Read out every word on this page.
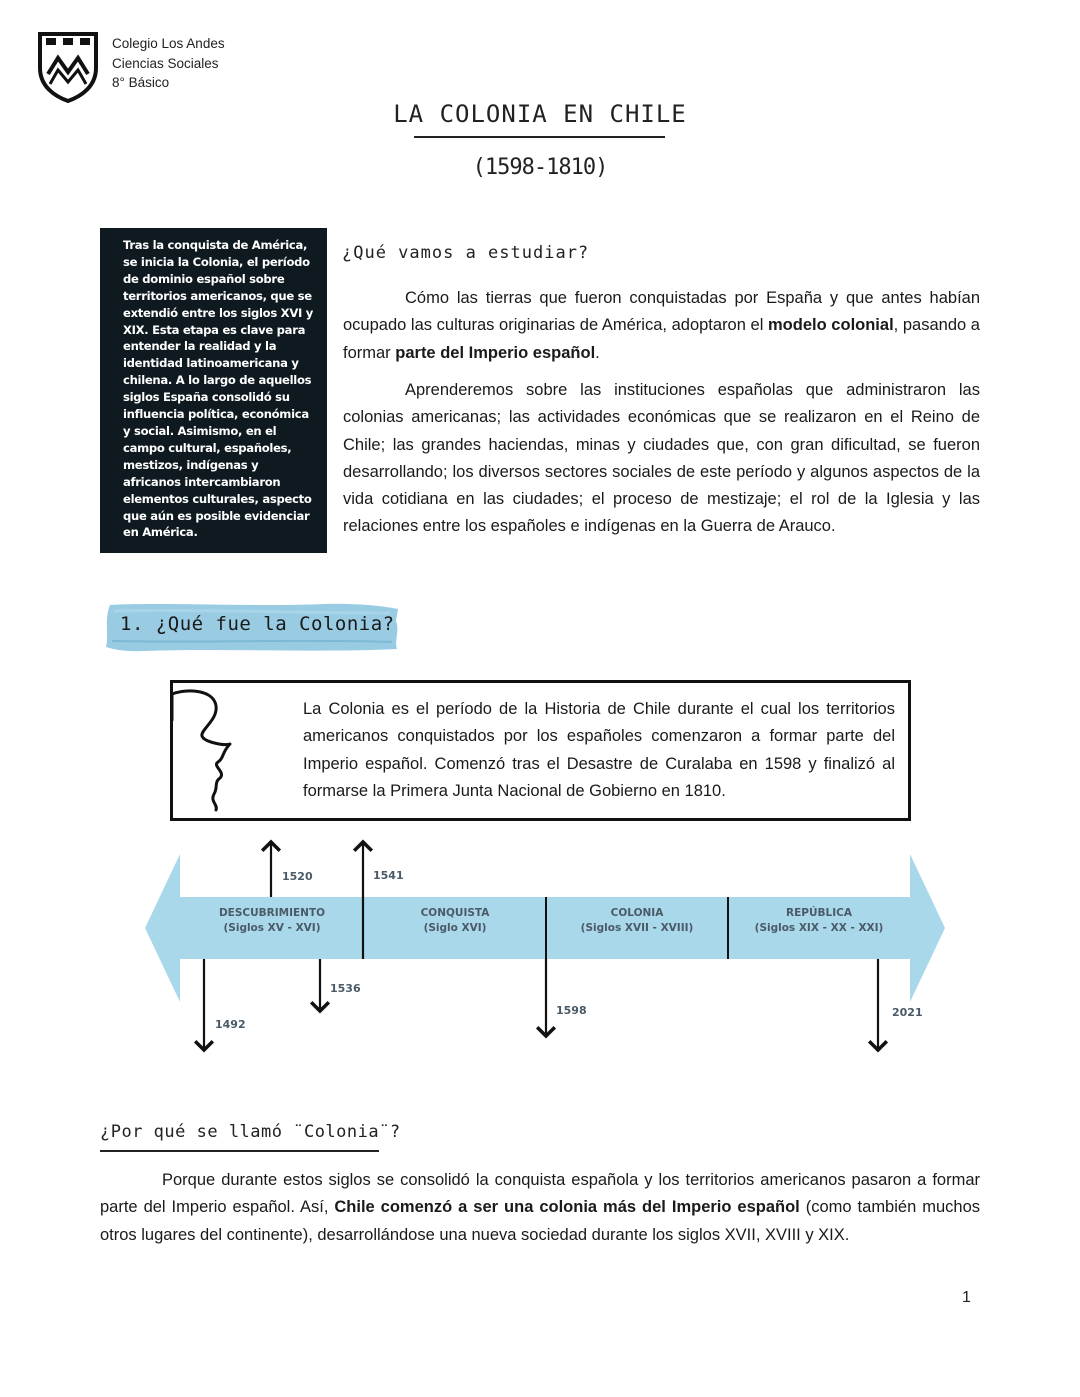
Colegio Los Andes
Ciencias Sociales
8° Básico
LA COLONIA EN CHILE
(1598-1810)
Tras la conquista de América, se inicia la Colonia, el período de dominio español sobre territorios americanos, que se extendió entre los siglos XVI y XIX. Esta etapa es clave para entender la realidad y la identidad latinoamericana y chilena. A lo largo de aquellos siglos España consolidó su influencia política, económica y social. Asimismo, en el campo cultural, españoles, mestizos, indígenas y africanos intercambiaron elementos culturales, aspecto que aún es posible evidenciar en América.
¿Qué vamos a estudiar?

Cómo las tierras que fueron conquistadas por España y que antes habían ocupado las culturas originarias de América, adoptaron el modelo colonial, pasando a formar parte del Imperio español.

Aprenderemos sobre las instituciones españolas que administraron las colonias americanas; las actividades económicas que se realizaron en el Reino de Chile; las grandes haciendas, minas y ciudades que, con gran dificultad, se fueron desarrollando; los diversos sectores sociales de este período y algunos aspectos de la vida cotidiana en las ciudades; el proceso de mestizaje; el rol de la Iglesia y las relaciones entre los españoles e indígenas en la Guerra de Arauco.

1. ¿Qué fue la Colonia?

La Colonia es el período de la Historia de Chile durante el cual los territorios americanos conquistados por los españoles comenzaron a formar parte del Imperio español. Comenzó tras el Desastre de Curalaba en 1598 y finalizó al formarse la Primera Junta Nacional de Gobierno en 1810.

DESCUBRIMIENTO
(Siglos XV - XVI)
CONQUISTA
(Siglo XVI)
COLONIA
(Siglos XVII - XVIII)
REPÚBLICA
(Siglos XIX - XX - XXI)
1520	1541
1492
1536
1598	2021
¿Por qué se llamó ¨Colonia¨?

Porque durante estos siglos se consolidó la conquista española y los territorios americanos pasaron a formar parte del Imperio español. Así, Chile comenzó a ser una colonia más del Imperio español (como también muchos otros lugares del continente), desarrollándose una nueva sociedad durante los siglos XVII, XVIII y XIX.

1
